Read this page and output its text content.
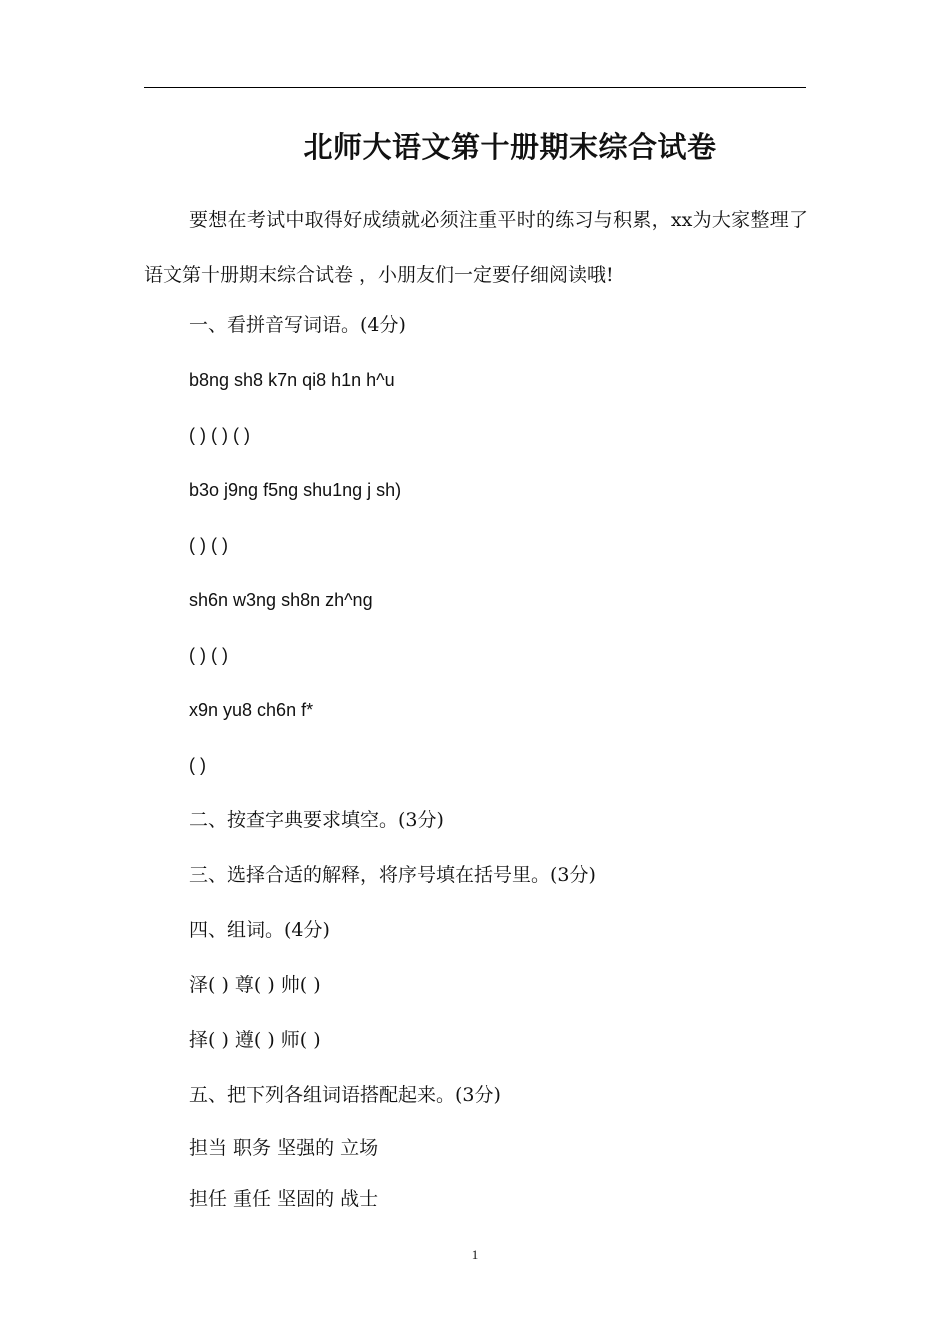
北师大语文第十册期末综合试卷
要想在考试中取得好成绩就必须注重平时的练习与积累，xx为大家整理了语文第十册期末综合试卷 ，小朋友们一定要仔细阅读哦!
一、看拼音写词语。(4分)
b8ng sh8 k7n qi8 h1n h^u
( ) ( ) ( )
b3o j9ng f5ng shu1ng j sh)
( ) ( )
sh6n w3ng sh8n zh^ng
( ) ( )
x9n yu8 ch6n f*
( )
二、按查字典要求填空。(3分)
三、选择合适的解释，将序号填在括号里。(3分)
四、组词。(4分)
泽( ) 尊( ) 帅( )
择( ) 遵( ) 师( )
五、把下列各组词语搭配起来。(3分)
担当 职务 坚强的 立场
担任 重任 坚固的 战士
1
